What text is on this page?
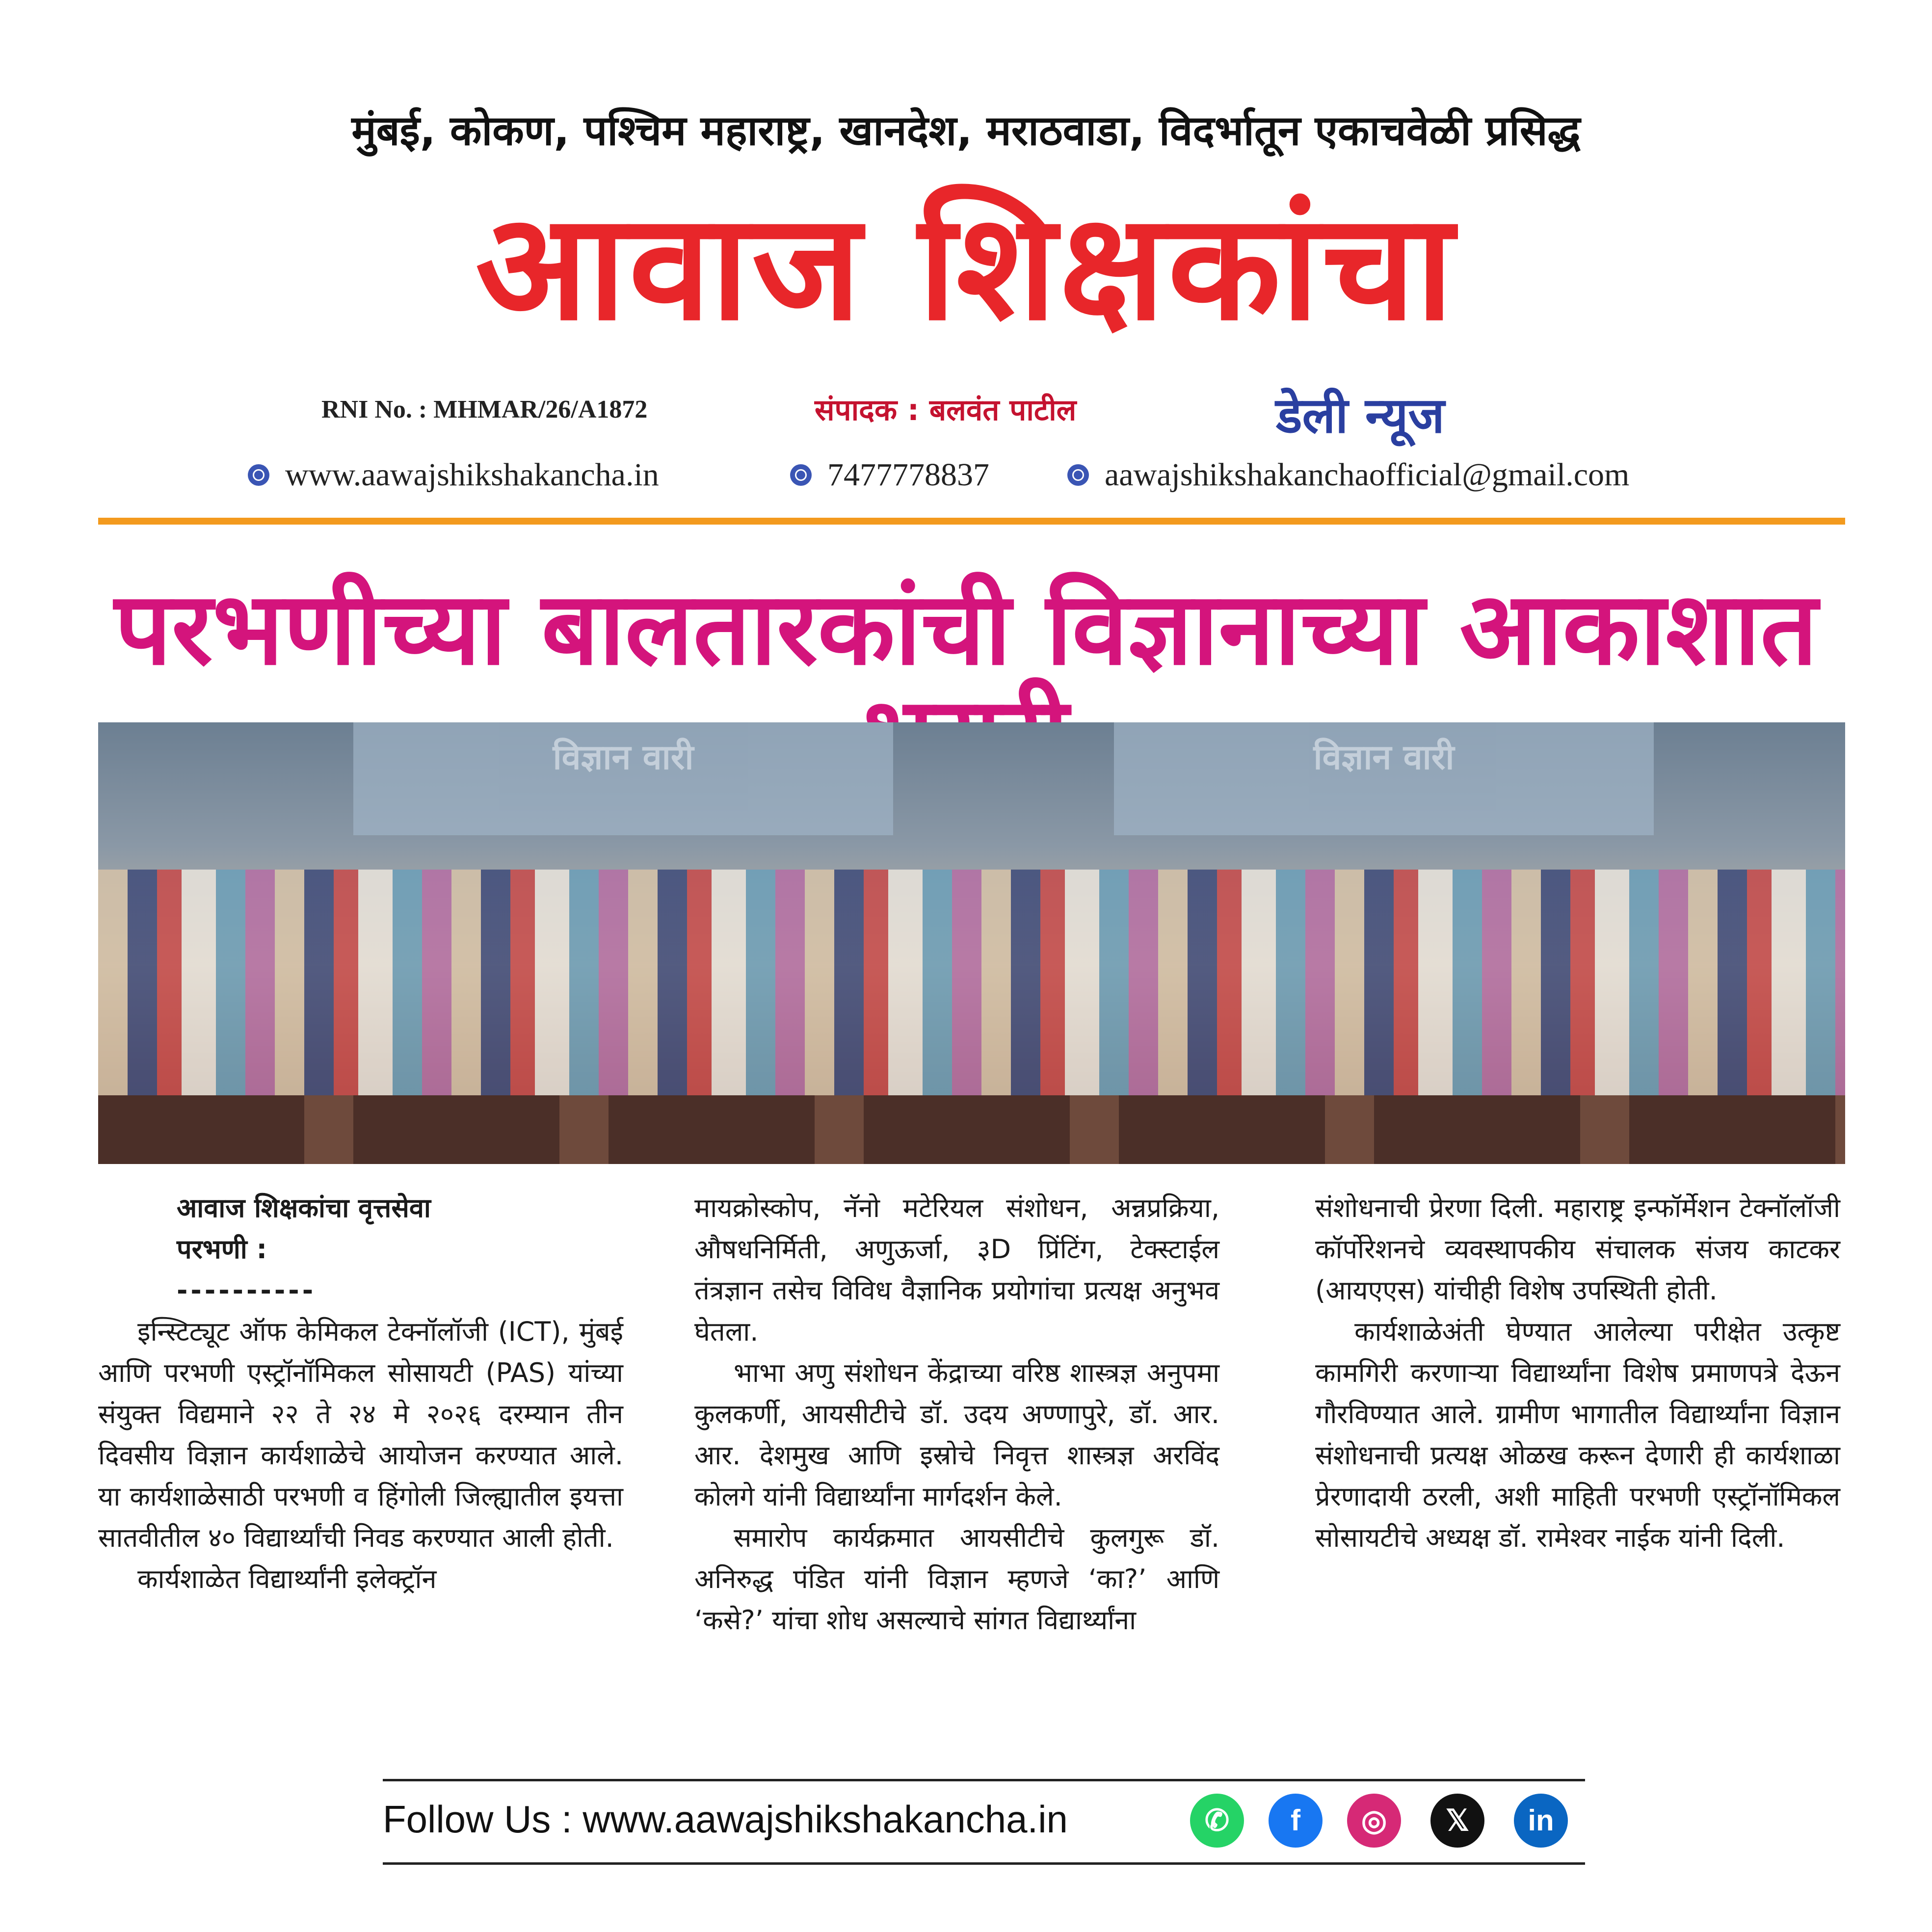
मुंबई, कोकण, पश्चिम महाराष्ट्र, खानदेश, मराठवाडा, विदर्भातून एकाचवेळी प्रसिद्ध
आवाज शिक्षकांचा
RNI No. : MHMAR/26/A1872	संपादक : बलवंत पाटील	डेली न्यूज
www.aawajshikshakancha.in	7477778837	aawajshikshakanchaofficial@gmail.com
परभणीच्या बालतारकांची विज्ञानाच्या आकाशात
विज्ञान वारी	विज्ञान वारी

आवाज शिक्षकांचा वृत्तसेवा

परभणी :

----------

इन्स्टिट्यूट ऑफ केमिकल टेक्नॉलॉजी (ICT), मुंबई आणि परभणी एस्ट्रॉनॉमिकल सोसायटी (PAS) यांच्या संयुक्त विद्यमाने २२ ते २४ मे २०२६ दरम्यान तीन दिवसीय विज्ञान कार्यशाळेचे आयोजन करण्यात आले. या कार्यशाळेसाठी परभणी व हिंगोली जिल्ह्यातील इयत्ता सातवीतील ४० विद्यार्थ्यांची निवड करण्यात आली होती.

कार्यशाळेत विद्यार्थ्यांनी इलेक्ट्रॉन

मायक्रोस्कोप, नॅनो मटेरियल संशोधन, अन्नप्रक्रिया, औषधनिर्मिती, अणुऊर्जा, ३D प्रिंटिंग, टेक्स्टाईल तंत्रज्ञान तसेच विविध वैज्ञानिक प्रयोगांचा प्रत्यक्ष अनुभव घेतला.

भाभा अणु संशोधन केंद्राच्या वरिष्ठ शास्त्रज्ञ अनुपमा कुलकर्णी, आयसीटीचे डॉ. उदय अण्णापुरे, डॉ. आर. आर. देशमुख आणि इस्रोचे निवृत्त शास्त्रज्ञ अरविंद कोलगे यांनी विद्यार्थ्यांना मार्गदर्शन केले.

समारोप कार्यक्रमात आयसीटीचे कुलगुरू डॉ. अनिरुद्ध पंडित यांनी विज्ञान म्हणजे ‘का?’ आणि ‘कसे?’ यांचा शोध असल्याचे सांगत विद्यार्थ्यांना

संशोधनाची प्रेरणा दिली. महाराष्ट्र इन्फॉर्मेशन टेक्नॉलॉजी कॉर्पोरेशनचे व्यवस्थापकीय संचालक संजय काटकर (आयएएस) यांचीही विशेष उपस्थिती होती.

कार्यशाळेअंती घेण्यात आलेल्या परीक्षेत उत्कृष्ट कामगिरी करणाऱ्या विद्यार्थ्यांना विशेष प्रमाणपत्रे देऊन गौरविण्यात आले. ग्रामीण भागातील विद्यार्थ्यांना विज्ञान संशोधनाची प्रत्यक्ष ओळख करून देणारी ही कार्यशाळा प्रेरणादायी ठरली, अशी माहिती परभणी एस्ट्रॉनॉमिकल सोसायटीचे अध्यक्ष डॉ. रामेश्वर नाईक यांनी दिली.

Follow Us : www.aawajshikshakancha.in	✆	f	◎	𝕏	in
